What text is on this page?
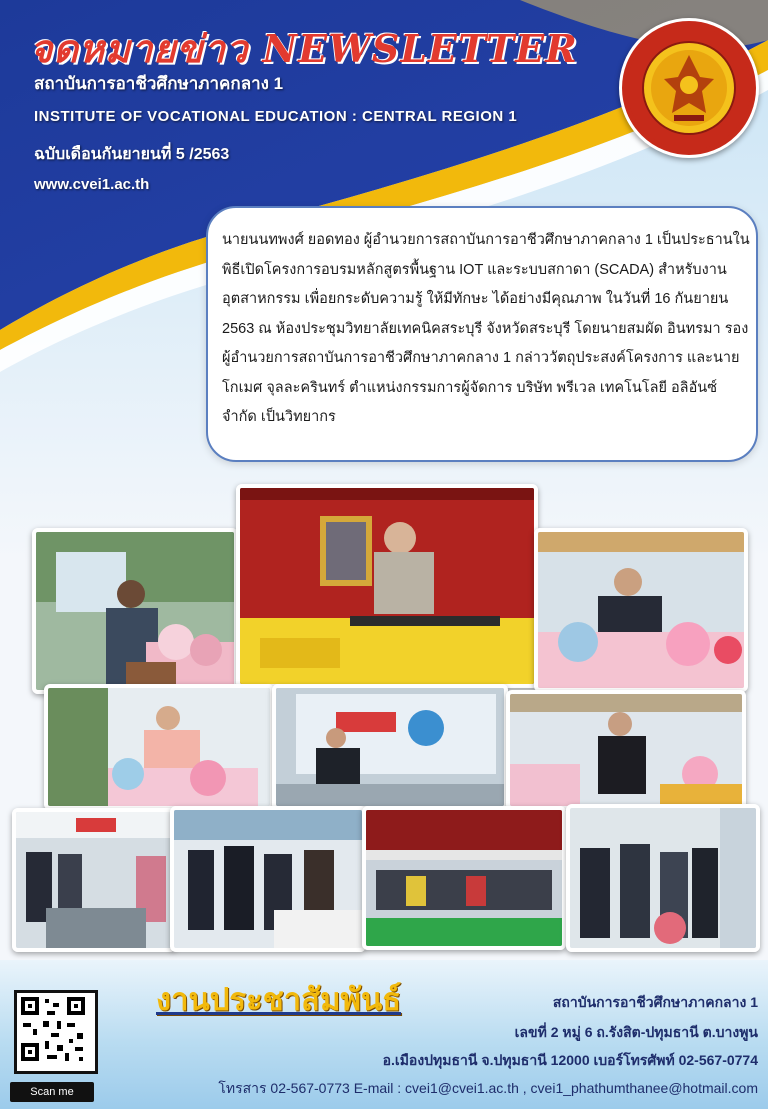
จดหมายข่าว NEWSLETTER
สถาบันการอาชีวศึกษาภาคกลาง 1
INSTITUTE OF VOCATIONAL EDUCATION : CENTRAL REGION 1
ฉบับเดือนกันยายนที่ 5 /2563
www.cvei1.ac.th

นายนนทพงศ์ ยอดทอง ผู้อำนวยการสถาบันการอาชีวศึกษาภาคกลาง 1 เป็นประธานในพิธีเปิดโครงการอบรมหลักสูตรพื้นฐาน IOT และระบบสกาดา (SCADA) สำหรับงานอุตสาหกรรม เพื่อยกระดับความรู้ ให้มีทักษะ ได้อย่างมีคุณภาพ ในวันที่ 16 กันยายน 2563 ณ ห้องประชุมวิทยาลัยเทคนิคสระบุรี จังหวัดสระบุรี โดยนายสมผัด อินทรมา รองผู้อำนวยการสถาบันการอาชีวศึกษาภาคกลาง 1 กล่าววัตถุประสงค์โครงการ และนายโกเมศ จุลละครินทร์ ตำแหน่งกรรมการผู้จัดการ บริษัท พรีเวล เทคโนโลยี อลิอันซ์ จำกัด เป็นวิทยากร

Scan me
งานประชาสัมพันธ์	สถาบันการอาชีวศึกษาภาคกลาง 1
เลขที่ 2 หมู่ 6 ถ.รังสิต-ปทุมธานี ต.บางพูน
อ.เมืองปทุมธานี จ.ปทุมธานี 12000 เบอร์โทรศัพท์ 02-567-0774
โทรสาร 02-567-0773 E-mail : cvei1@cvei1.ac.th , cvei1_phathumthanee@hotmail.com
